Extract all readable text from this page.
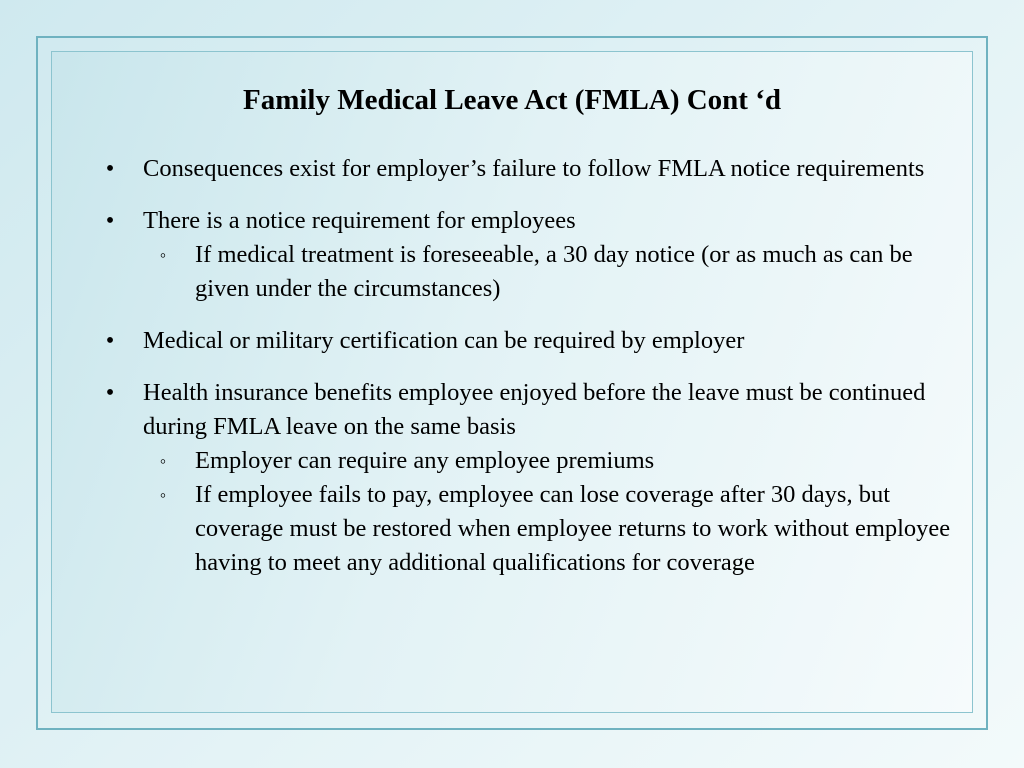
Family Medical Leave Act (FMLA) Cont ‘d
• Consequences exist for employer’s failure to follow FMLA notice requirements
• There is a notice requirement for employees
◦ If medical treatment is foreseeable, a 30 day notice (or as much as can be given under the circumstances)
• Medical or military certification can be required by employer
• Health insurance benefits employee enjoyed before the leave must be continued during FMLA leave on the same basis
◦ Employer can require any employee premiums
◦ If employee fails to pay, employee can lose coverage after 30 days, but coverage must be restored when employee returns to work without employee having to meet any additional qualifications for coverage
